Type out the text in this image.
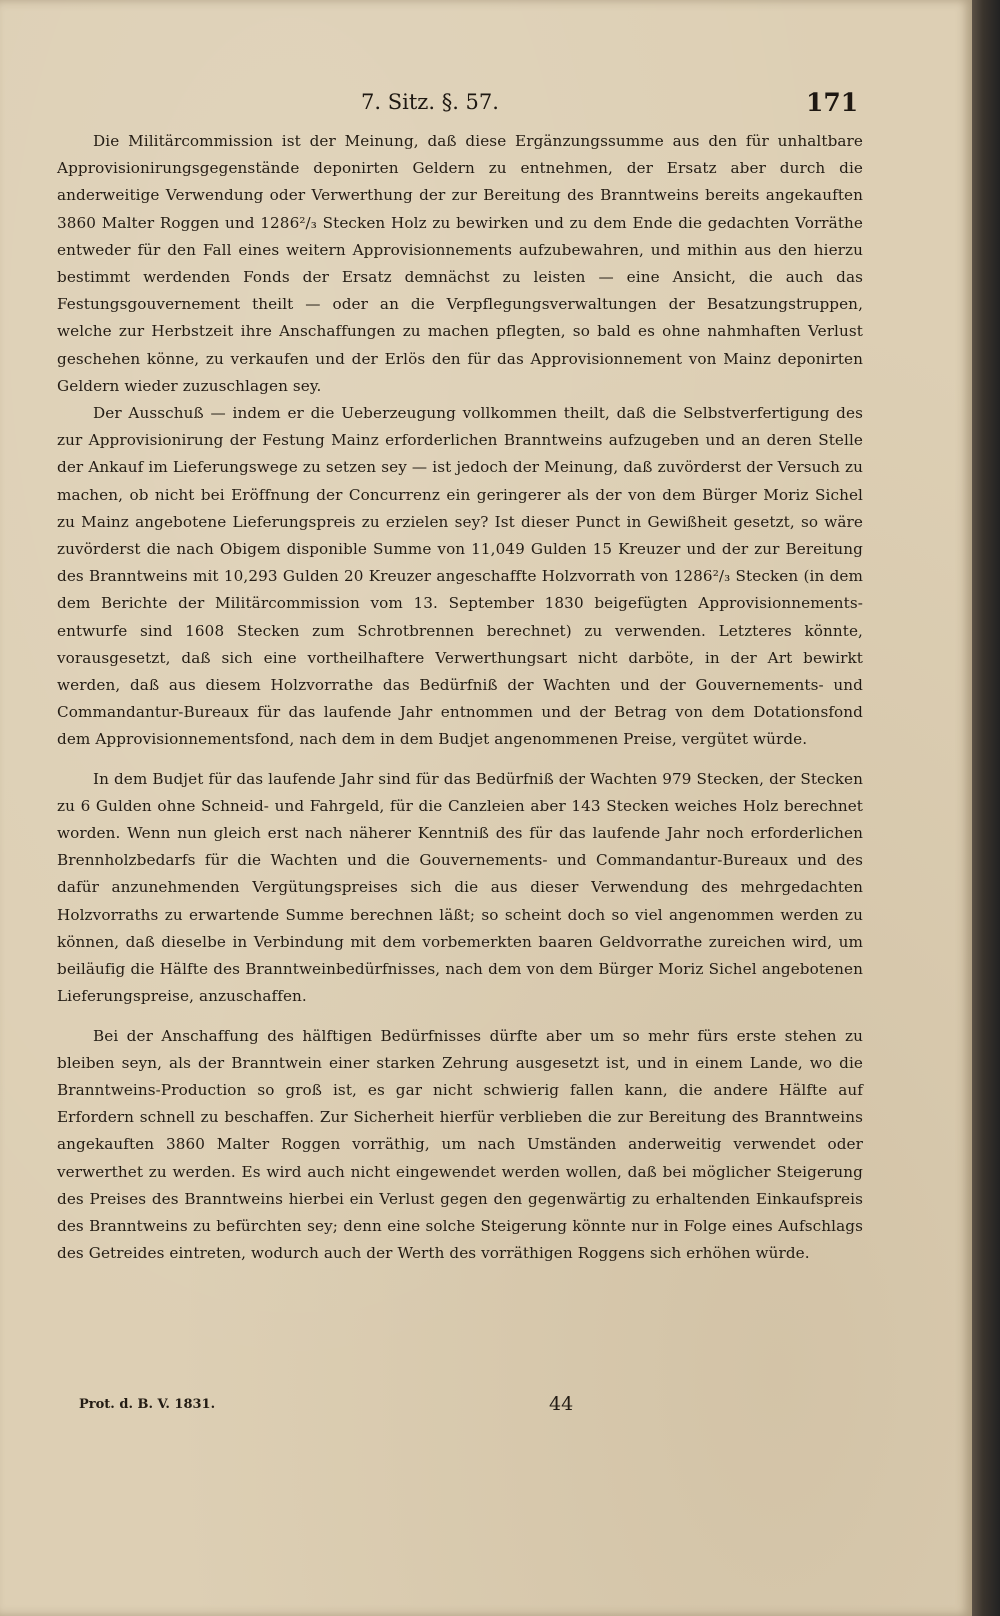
7. Sitz. §. 57.	171

Die Militärcommission ist der Meinung, daß diese Ergänzungssumme aus den für unhaltbare Approvisionirungsgegenstände deponirten Geldern zu entnehmen, der Ersatz aber durch die anderweitige Verwendung oder Verwerthung der zur Bereitung des Branntweins bereits angekauften 3860 Malter Roggen und 1286²/₃ Stecken Holz zu bewirken und zu dem Ende die gedachten Vorräthe entweder für den Fall eines weitern Approvisionnements aufzubewahren, und mithin aus den hierzu bestimmt werdenden Fonds der Ersatz demnächst zu leisten — eine Ansicht, die auch das Festungsgouvernement theilt — oder an die Verpflegungsverwaltungen der Besatzungstruppen, welche zur Herbstzeit ihre Anschaffungen zu machen pflegten, so bald es ohne nahmhaften Verlust geschehen könne, zu verkaufen und der Erlös den für das Approvisionnement von Mainz deponirten Geldern wieder zuzuschlagen sey.

Der Ausschuß — indem er die Ueberzeugung vollkommen theilt, daß die Selbstverfertigung des zur Approvisionirung der Festung Mainz erforderlichen Branntweins aufzugeben und an deren Stelle der Ankauf im Lieferungswege zu setzen sey — ist jedoch der Meinung, daß zuvörderst der Versuch zu machen, ob nicht bei Eröffnung der Concurrenz ein geringerer als der von dem Bürger Moriz Sichel zu Mainz angebotene Lieferungspreis zu erzielen sey? Ist dieser Punct in Gewißheit gesetzt, so wäre zuvörderst die nach Obigem disponible Summe von 11,049 Gulden 15 Kreuzer und der zur Bereitung des Branntweins mit 10,293 Gulden 20 Kreuzer angeschaffte Holzvorrath von 1286²/₃ Stecken (in dem dem Berichte der Militärcommission vom 13. September 1830 beigefügten Approvisionnements-entwurfe sind 1608 Stecken zum Schrotbrennen berechnet) zu verwenden. Letzteres könnte, vorausgesetzt, daß sich eine vortheilhaftere Verwerthungsart nicht darböte, in der Art bewirkt werden, daß aus diesem Holzvorrathe das Bedürfniß der Wachten und der Gouvernements- und Commandantur-Bureaux für das laufende Jahr entnommen und der Betrag von dem Dotationsfond dem Approvisionnementsfond, nach dem in dem Budjet angenommenen Preise, vergütet würde.

In dem Budjet für das laufende Jahr sind für das Bedürfniß der Wachten 979 Stecken, der Stecken zu 6 Gulden ohne Schneid- und Fahrgeld, für die Canzleien aber 143 Stecken weiches Holz berechnet worden. Wenn nun gleich erst nach näherer Kenntniß des für das laufende Jahr noch erforderlichen Brennholzbedarfs für die Wachten und die Gouvernements- und Commandantur-Bureaux und des dafür anzunehmenden Vergütungspreises sich die aus dieser Verwendung des mehrgedachten Holzvorraths zu erwartende Summe berechnen läßt; so scheint doch so viel angenommen werden zu können, daß dieselbe in Verbindung mit dem vorbemerkten baaren Geldvorrathe zureichen wird, um beiläufig die Hälfte des Branntweinbedürfnisses, nach dem von dem Bürger Moriz Sichel angebotenen Lieferungspreise, anzuschaffen.

Bei der Anschaffung des hälftigen Bedürfnisses dürfte aber um so mehr fürs erste stehen zu bleiben seyn, als der Branntwein einer starken Zehrung ausgesetzt ist, und in einem Lande, wo die Branntweins-Production so groß ist, es gar nicht schwierig fallen kann, die andere Hälfte auf Erfordern schnell zu beschaffen. Zur Sicherheit hierfür verblieben die zur Bereitung des Branntweins angekauften 3860 Malter Roggen vorräthig, um nach Umständen anderweitig verwendet oder verwerthet zu werden. Es wird auch nicht eingewendet werden wollen, daß bei möglicher Steigerung des Preises des Branntweins hierbei ein Verlust gegen den gegenwärtig zu erhaltenden Einkaufspreis des Branntweins zu befürchten sey; denn eine solche Steigerung könnte nur in Folge eines Aufschlags des Getreides eintreten, wodurch auch der Werth des vorräthigen Roggens sich erhöhen würde.

Prot. d. B. V. 1831.	44
